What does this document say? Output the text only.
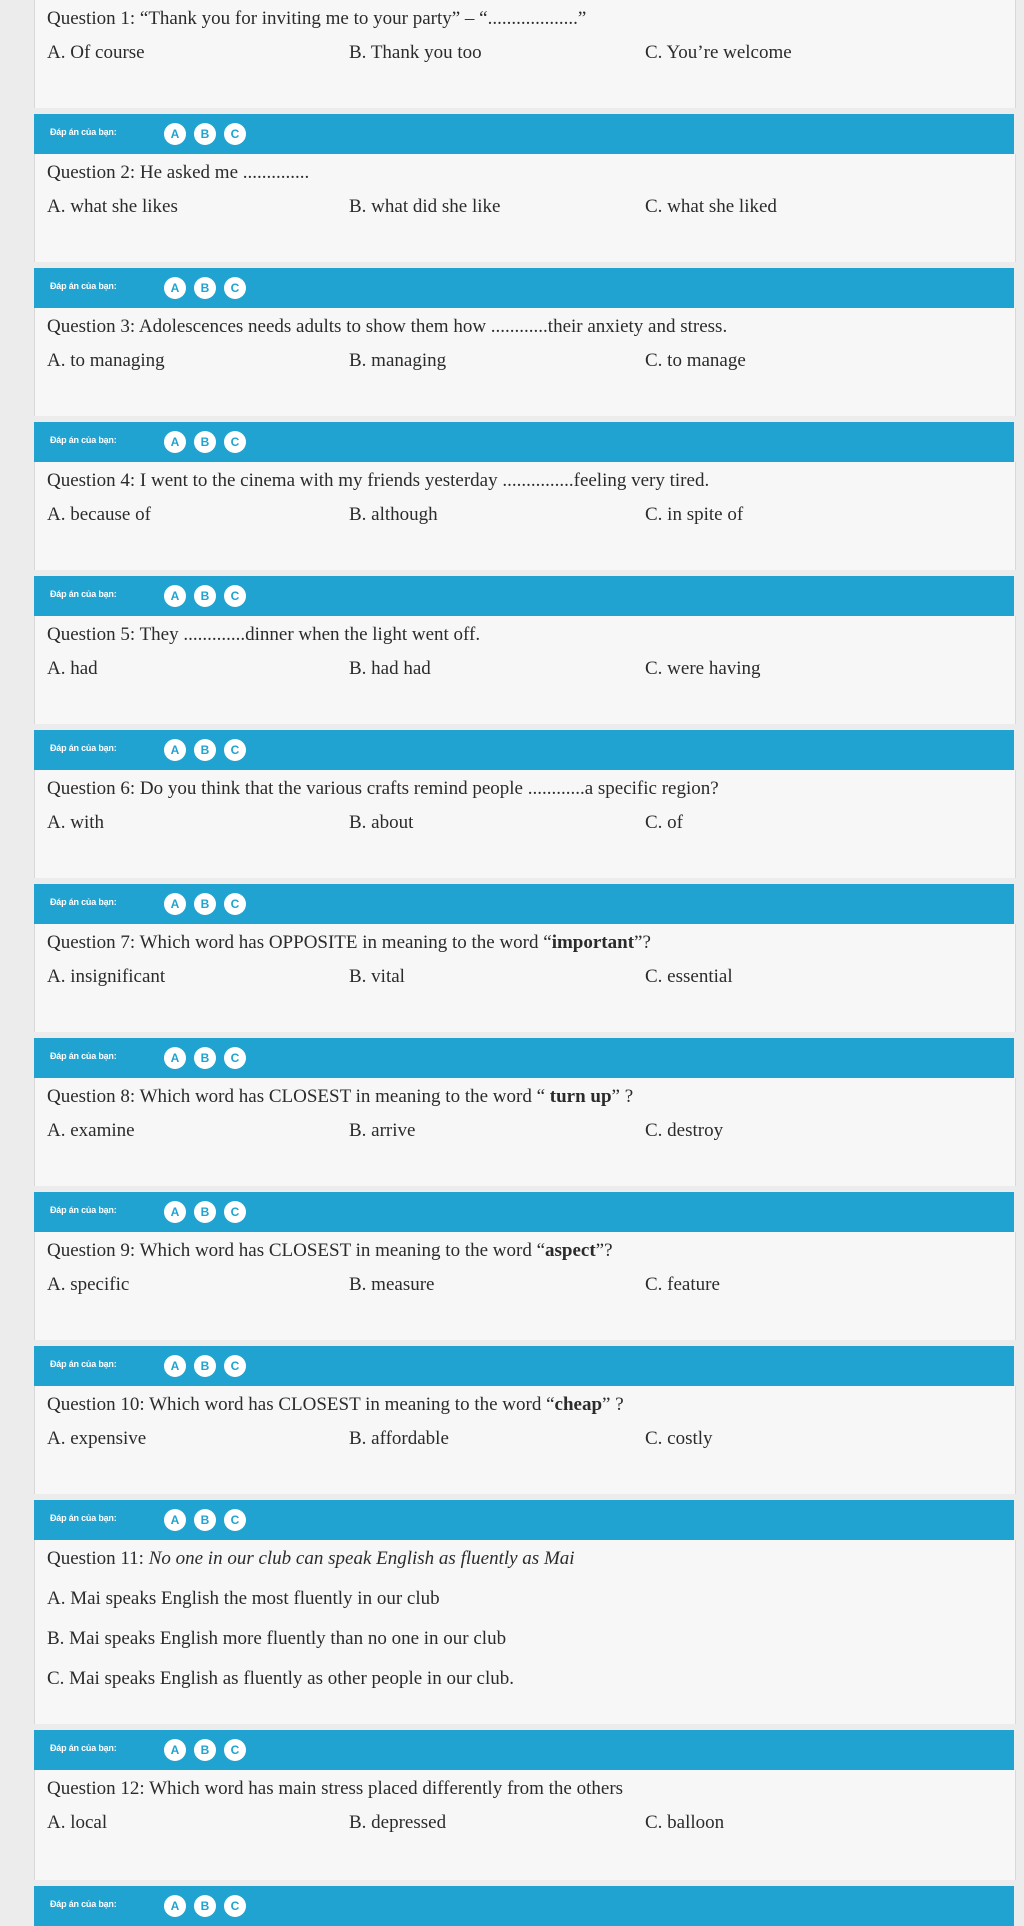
Question 1: “Thank you for inviting me to your party” – “...................”
A. Of course	B. Thank you too	C. You’re welcome
Đáp án của bạn:	A	B	C
Question 2: He asked me ..............
A. what she likes	B. what did she like	C. what she liked
Đáp án của bạn:	A	B	C
Question 3: Adolescences needs adults to show them how ............their anxiety and stress.
A. to managing	B. managing	C. to manage
Đáp án của bạn:	A	B	C
Question 4: I went to the cinema with my friends yesterday ...............feeling very tired.
A. because of	B. although	C. in spite of
Đáp án của bạn:	A	B	C
Question 5: They .............dinner when the light went off.
A. had	B. had had	C. were having
Đáp án của bạn:	A	B	C
Question 6: Do you think that the various crafts remind people ............a specific region?
A. with	B. about	C. of
Đáp án của bạn:	A	B	C
Question 7: Which word has OPPOSITE in meaning to the word “important”?
A. insignificant	B. vital	C. essential
Đáp án của bạn:	A	B	C
Question 8: Which word has CLOSEST in meaning to the word “ turn up” ?
A. examine	B. arrive	C. destroy
Đáp án của bạn:	A	B	C
Question 9: Which word has CLOSEST in meaning to the word “aspect”?
A. specific	B. measure	C. feature
Đáp án của bạn:	A	B	C
Question 10: Which word has CLOSEST in meaning to the word “cheap” ?
A. expensive	B. affordable	C. costly
Đáp án của bạn:	A	B	C
Question 11: No one in our club can speak English as fluently as Mai
A. Mai speaks English the most fluently in our club
B. Mai speaks English more fluently than no one in our club
C. Mai speaks English as fluently as other people in our club.
Đáp án của bạn:	A	B	C
Question 12: Which word has main stress placed differently from the others
A. local	B. depressed	C. balloon
Đáp án của bạn:	A	B	C
